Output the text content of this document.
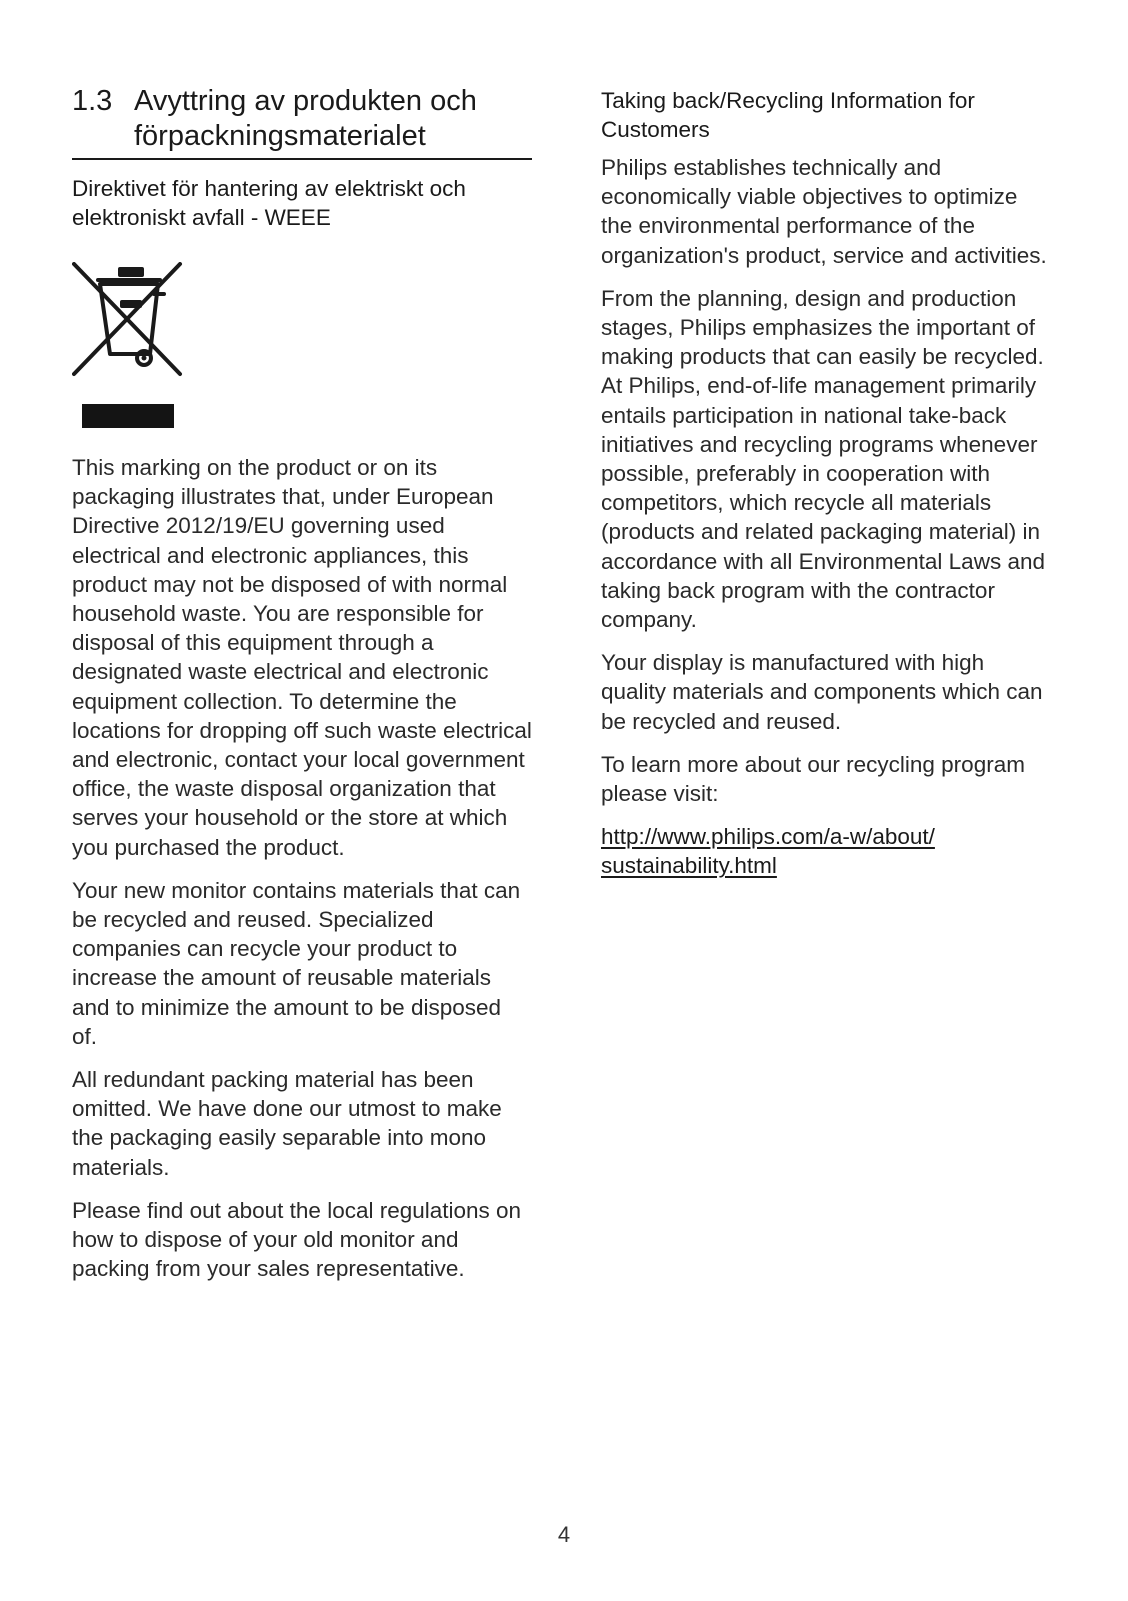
1.3 Avyttring av produkten och
förpackningsmaterialet
Direktivet för hantering av elektriskt och
elektroniskt avfall - WEEE

This marking on the product or on its packaging illustrates that, under European Directive 2012/19/EU governing used electrical and electronic appliances, this product may not be disposed of with normal household waste. You are responsible for disposal of this equipment through a designated waste electrical and electronic equipment collection. To determine the locations for dropping off such waste electrical and electronic, contact your local government office, the waste disposal organization that serves your household or the store at which you purchased the product.

Your new monitor contains materials that can be recycled and reused. Specialized companies can recycle your product to increase the amount of reusable materials and to minimize the amount to be disposed of.

All redundant packing material has been omitted. We have done our utmost to make the packaging easily separable into mono materials.

Please find out about the local regulations on how to dispose of your old monitor and packing from your sales representative.

Taking back/Recycling Information for Customers

Philips establishes technically and economically viable objectives to optimize the environmental performance of the organization's product, service and activities.

From the planning, design and production stages, Philips emphasizes the important of making products that can easily be recycled. At Philips, end-of-life management primarily entails participation in national take-back initiatives and recycling programs whenever possible, preferably in cooperation with competitors, which recycle all materials (products and related packaging material) in accordance with all Environmental Laws and taking back program with the contractor company.

Your display is manufactured with high quality materials and components which can be recycled and reused.

To learn more about our recycling program please visit:

http://www.philips.com/a-w/about/
sustainability.html
4
